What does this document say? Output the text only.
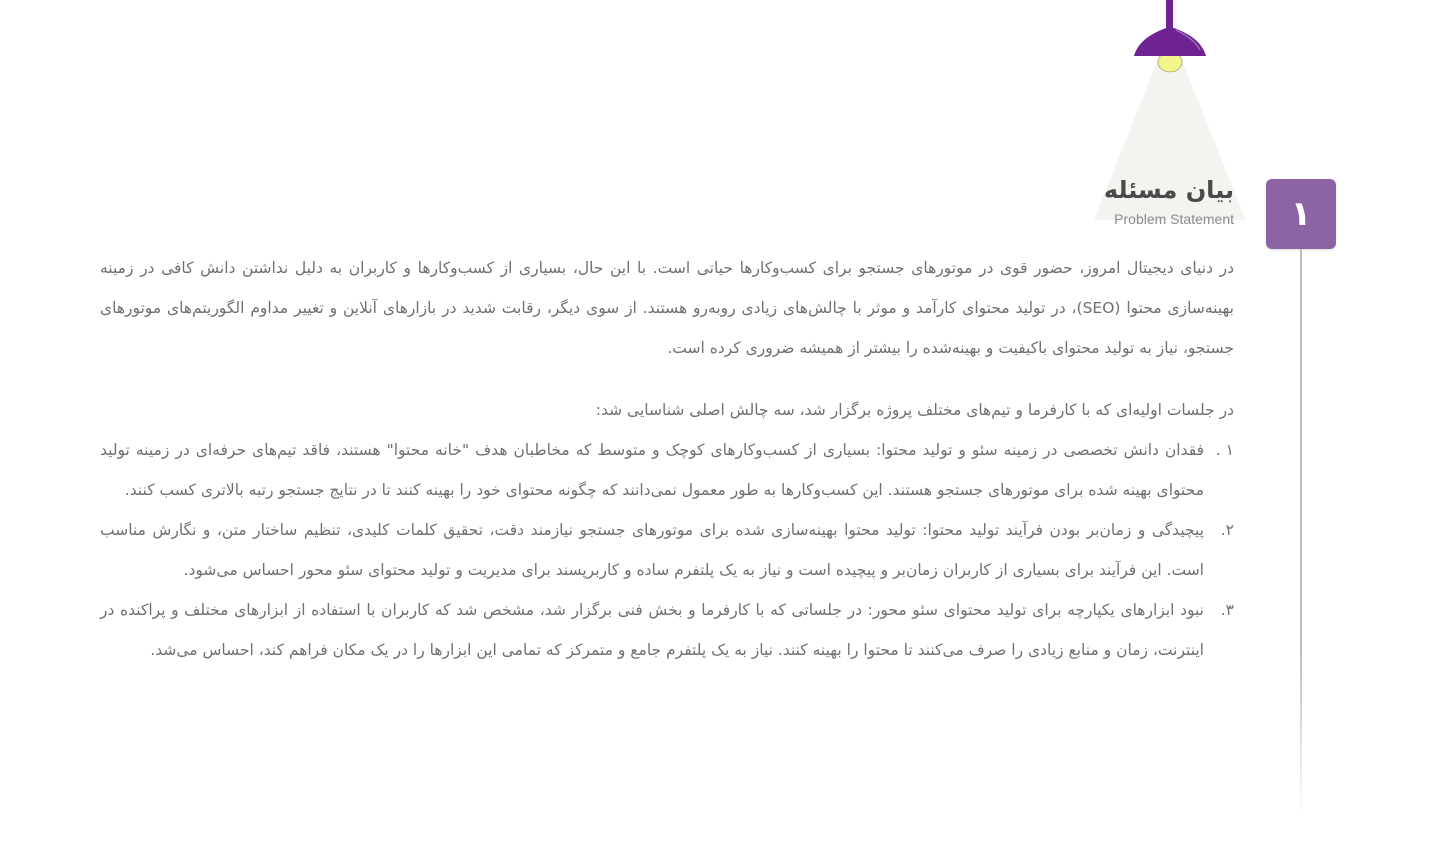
بیان مسئله
Problem Statement	۱

در دنیای دیجیتال امروز، حضور قوی در موتورهای جستجو برای کسب‌وکارها حیاتی است. با این حال، بسیاری از کسب‌وکارها و کاربران به دلیل نداشتن دانش کافی در زمینه بهینه‌سازی محتوا (SEO)، در تولید محتوای کارآمد و موثر با چالش‌های زیادی روبه‌رو هستند. از سوی دیگر، رقابت شدید در بازارهای آنلاین و تغییر مداوم الگوریتم‌های موتورهای جستجو، نیاز به تولید محتوای باکیفیت و بهینه‌شده را بیشتر از همیشه ضروری کرده است.

در جلسات اولیه‌ای که با کارفرما و تیم‌های مختلف پروژه برگزار شد، سه چالش اصلی شناسایی شد:

۱ .
فقدان دانش تخصصی در زمینه سئو و تولید محتوا: بسیاری از کسب‌وکارهای کوچک و متوسط که مخاطبان هدف "خانه محتوا" هستند، فاقد تیم‌های حرفه‌ای در زمینه تولید محتوای بهینه شده برای موتورهای جستجو هستند. این کسب‌وکارها به طور معمول نمی‌دانند که چگونه محتوای خود را بهینه کنند تا در نتایج جستجو رتبه بالاتری کسب کنند.
۲.
پیچیدگی و زمان‌بر بودن فرآیند تولید محتوا: تولید محتوا بهینه‌سازی شده برای موتورهای جستجو نیازمند دقت، تحقیق کلمات کلیدی، تنظیم ساختار متن، و نگارش مناسب است. این فرآیند برای بسیاری از کاربران زمان‌بر و پیچیده است و نیاز به یک پلتفرم ساده و کاربرپسند برای مدیریت و تولید محتوای سئو محور احساس می‌شود.
۳.
نبود ابزارهای یکپارچه برای تولید محتوای سئو محور: در جلساتی که با کارفرما و بخش فنی برگزار شد، مشخص شد که کاربران با استفاده از ابزارهای مختلف و پراکنده در اینترنت، زمان و منابع زیادی را صرف می‌کنند تا محتوا را بهینه کنند. نیاز به یک پلتفرم جامع و متمرکز که تمامی این ابزارها را در یک مکان فراهم کند، احساس می‌شد.
